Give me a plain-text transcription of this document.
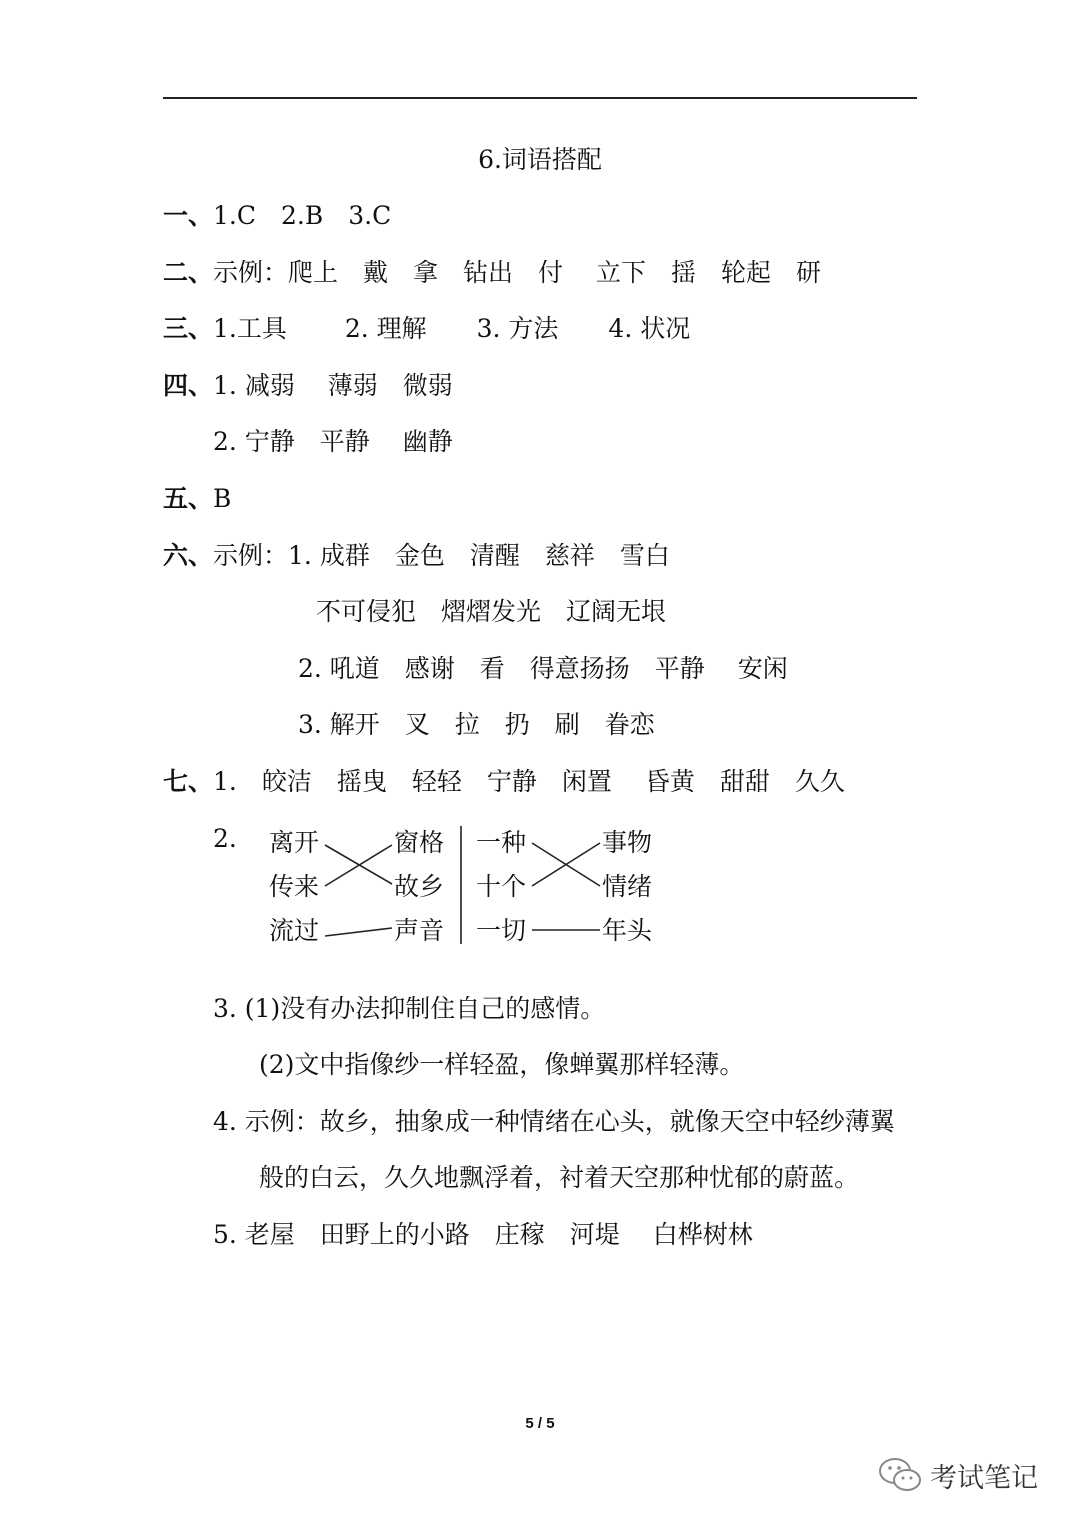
6.词语搭配
一、1.C　2.B　3.C
二、示例：爬上　戴　拿　钻出　付　 立下　揺　轮起　研
三、1.工具　　 2. 理解　　3. 方法　　4. 状况
四、1. 减弱　 薄弱　微弱
2. 宁静　平静　 幽静
五、B
六、示例：1. 成群　金色　清醒　慈祥　雪白
不可侵犯　熠熠发光　辽阔无垠
2. 吼道　感谢　看　得意扬扬　平静　 安闲
3. 解开　叉　拉　扔　刷　眷恋
七、1.　皎洁　摇曳　轻轻　宁静　闲置　 昏黄　甜甜　久久
2. 离开
传来
流过
窗格
故乡
声音
一种
十个
一切
事物
情绪
年头
3. (1)没有办法抑制住自己的感情。
(2)文中指像纱一样轻盈，像蝉翼那样轻薄。
4. 示例：故乡，抽象成一种情绪在心头，就像天空中轻纱薄翼
般的白云，久久地飘浮着，衬着天空那种忧郁的蔚蓝。
5. 老屋　田野上的小路　庄稼　河堤　 白桦树林
5 / 5
考试笔记
